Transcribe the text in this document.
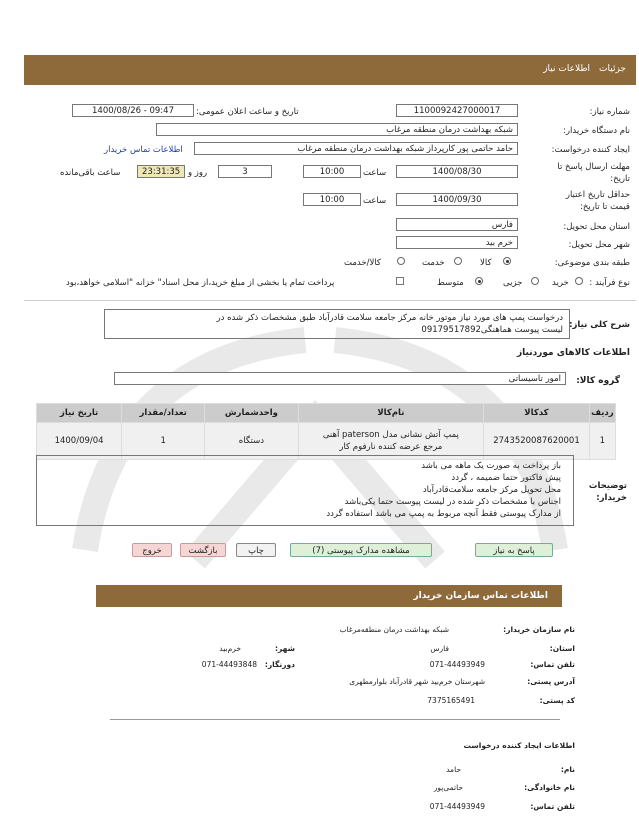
جزئیات
اطلاعات نیاز
شماره نیاز:
1100092427000017
تاریخ و ساعت اعلان عمومی:
1400/08/26 - 09:47
نام دستگاه خریدار:
شبکه بهداشت درمان منطقه مرغاب
ایجاد کننده درخواست:
حامد حاتمی پور کارپرداز شبکه بهداشت درمان منطقه مرغاب
اطلاعات تماس خریدار
مهلت ارسال پاسخ تا
تاریخ:
1400/08/30
ساعت
10:00
3
روز و
23:31:35
ساعت باقی‌مانده
حداقل تاریخ اعتبار
قیمت تا تاریخ:
1400/09/30
ساعت
10:00
استان محل تحویل:
فارس
شهر محل تحویل:
خرم بید
طبقه بندی موضوعی:
کالا
خدمت
کالا/خدمت
نوع فرآیند :
خرید
جزیی
متوسط
پرداخت تمام یا بخشی از مبلغ خرید،از محل اسناد" خزانه "اسلامی خواهد،بود
شرح کلی نیاز:
درخواست پمپ های مورد نیاز موتور خانه مرکز جامعه سلامت قادرآباد طبق مشخصات ذکر شده در
لیست پیوست هماهنگی09179517892
اطلاعات کالاهای موردنیاز
گروه کالا:
امور تاسیساتی
ردیف	کدکالا	نام‌کالا	واحدشمارش	تعداد/مقدار	تاریخ نیاز
1	2743520087620001	پمپ آتش نشانی مدل paterson آهنی
مرجع عرضه کننده نارفوم کار	دستگاه	1	1400/09/04
توضیحات
خریدار:
باز پرداخت به صورت یک ماهه می باشد
پیش فاکتور حتما ضمیمه ، گردد
محل تحویل مرکز جامعه سلامت‌قادرآباد
اجناس با مشخصات ذکر شده در لیست پیوست حتما یکی‌باشد
از مدارک پیوستی فقط آنچه مربوط به پمپ می باشد استفاده گردد
پاسخ به نیاز
مشاهده مدارک پیوستی (7)
چاپ
بازگشت
خروج
اطلاعات تماس سازمان خریدار
نام سازمان خریدار:
شبکه بهداشت درمان منطقه‌مرغاب
استان:
فارس
شهر:
خرم‌بید
تلفن تماس:
071-44493949
دورنگار:
071-44493848
آدرس پستی:
شهرستان خرم‌بید شهر قادرآباد بلوارمطهری
کد پستی:
7375165491
اطلاعات ایجاد کننده درخواست
نام:
حامد
نام خانوادگی:
حاتمی‌پور
تلفن تماس:
071-44493949
